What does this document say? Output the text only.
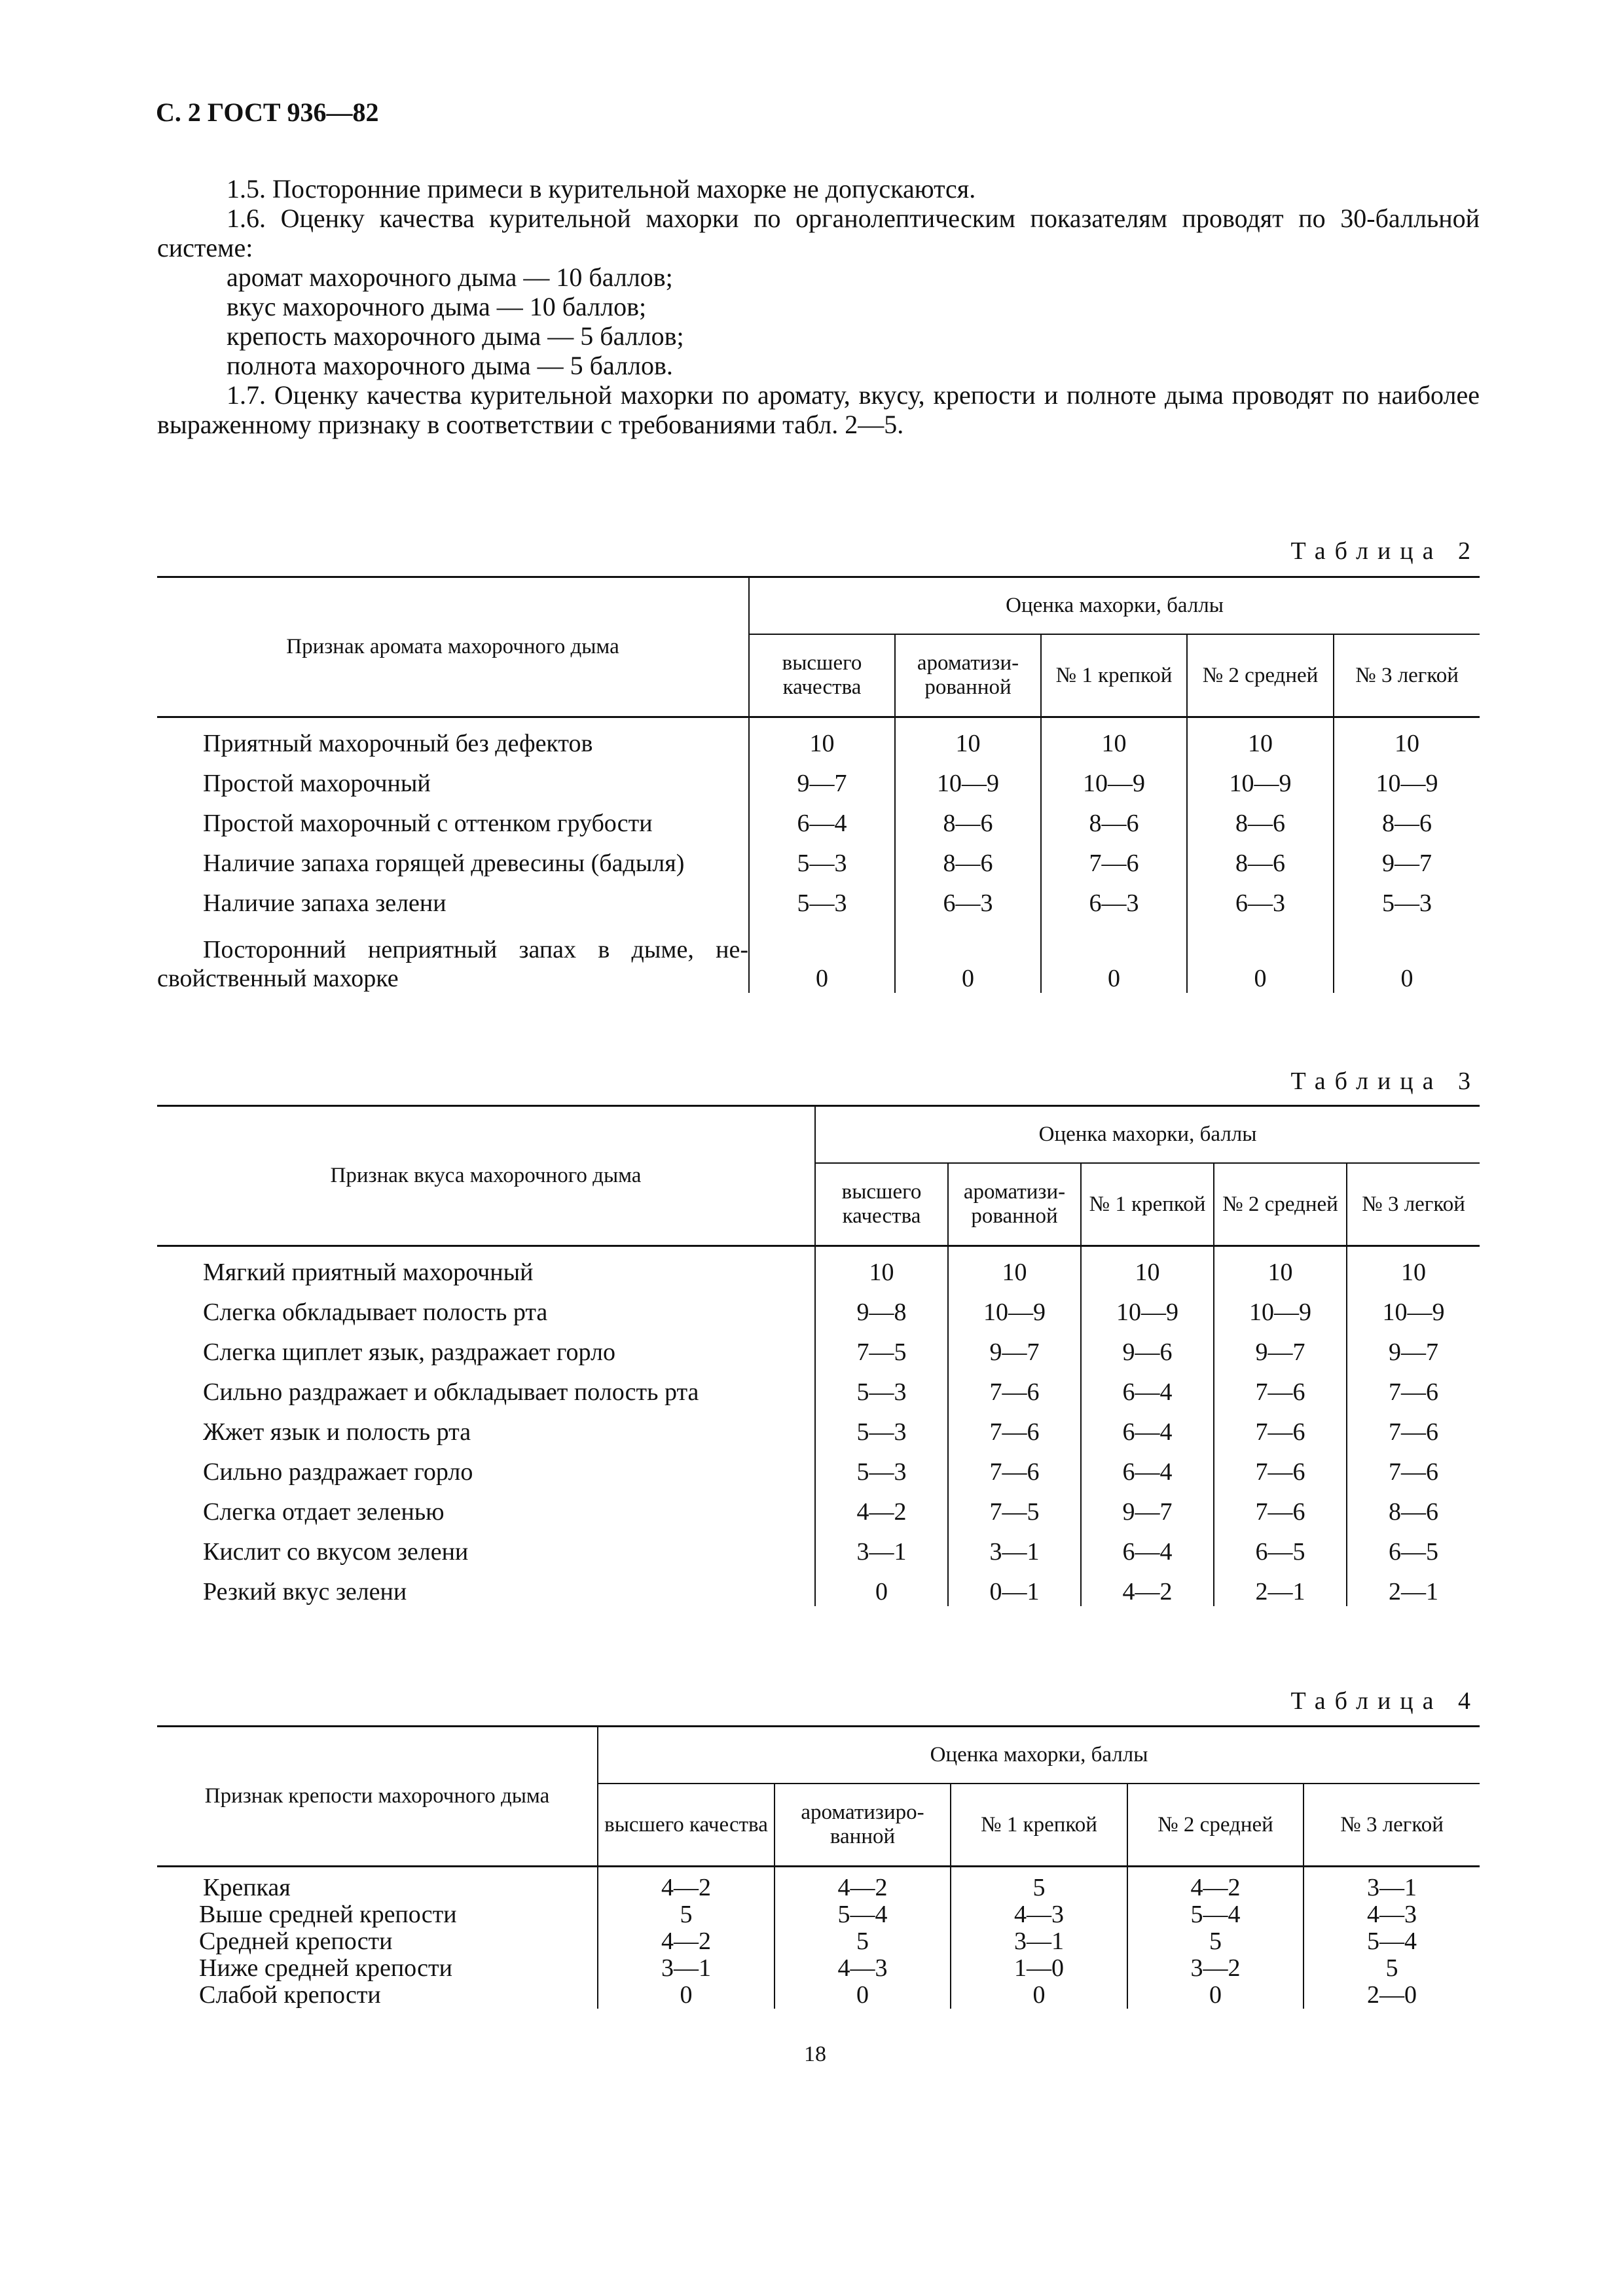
С. 2 ГОСТ 936—82

1.5. Посторонние примеси в курительной махорке не допускаются.

1.6. Оценку качества курительной махорки по органолептическим показателям проводят по 30-балльной системе:

аромат махорочного дыма — 10 баллов;

вкус махорочного дыма — 10 баллов;

крепость махорочного дыма — 5 баллов;

полнота махорочного дыма — 5 баллов.

1.7. Оценку качества курительной махорки по аромату, вкусу, крепости и полноте дыма проводят по наиболее выраженному признаку в соответствии с требованиями табл. 2—5.

Таблица 2
Признак аромата махорочного дыма	Оценка махорки, баллы				
	высшего качества	ароматизи-рованной	№ 1 крепкой	№ 2 средней	№ 3 легкой
Приятный махорочный без дефектов	10	10	10	10	10
Простой махорочный	9—7	10—9	10—9	10—9	10—9
Простой махорочный с оттенком грубости	6—4	8—6	8—6	8—6	8—6
Наличие запаха горящей древесины (бадыля)	5—3	8—6	7—6	8—6	9—7
Наличие запаха зелени	5—3	6—3	6—3	6—3	5—3

Посторонний неприятный запах в дыме, не-
свойственный махорке	0	0	0	0	0
Таблица 3
Признак вкуса махорочного дыма	Оценка махорки, баллы				
	высшего качества	ароматизи-рованной	№ 1 крепкой	№ 2 средней	№ 3 легкой
Мягкий приятный махорочный	10	10	10	10	10
Слегка обкладывает полость рта	9—8	10—9	10—9	10—9	10—9
Слегка щиплет язык, раздражает горло	7—5	9—7	9—6	9—7	9—7
Сильно раздражает и обкладывает полость рта	5—3	7—6	6—4	7—6	7—6
Жжет язык и полость рта	5—3	7—6	6—4	7—6	7—6
Сильно раздражает горло	5—3	7—6	6—4	7—6	7—6
Слегка отдает зеленью	4—2	7—5	9—7	7—6	8—6
Кислит со вкусом зелени	3—1	3—1	6—4	6—5	6—5
Резкий вкус зелени	0	0—1	4—2	2—1	2—1
Таблица 4
Признак крепости махорочного дыма	Оценка махорки, баллы				
	высшего качества	ароматизиро-ванной	№ 1 крепкой	№ 2 средней	№ 3 легкой
Крепкая	4—2	4—2	5	4—2	3—1
Выше средней крепости	5	5—4	4—3	5—4	4—3
Средней крепости	4—2	5	3—1	5	5—4
Ниже средней крепости	3—1	4—3	1—0	3—2	5
Слабой крепости	0	0	0	0	2—0
18
